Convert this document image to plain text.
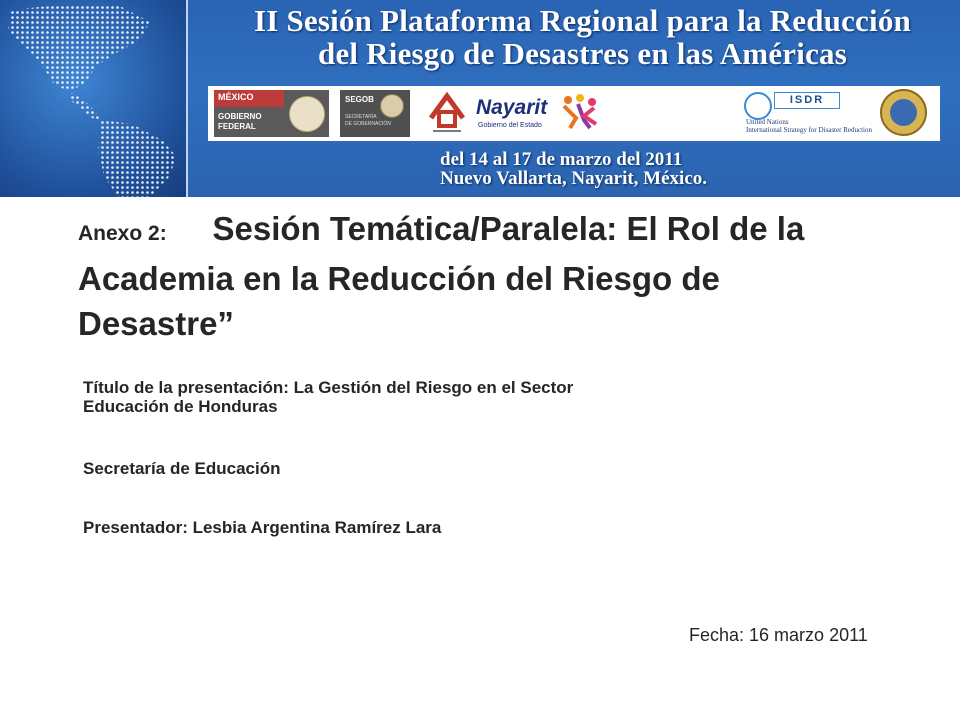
II Sesión Plataforma Regional para la Reducción
del Riesgo de Desastres en las Américas
MÉXICO
GOBIERNO
FEDERAL
SEGOB
SECRETARÍA
DE GOBERNACIÓN
Nayarit
Gobierno del Estado
ISDR
United Nations
International Strategy for Disaster Reduction
del 14 al 17 de marzo del 2011
Nuevo Vallarta, Nayarit, México.
Anexo 2: Sesión Temática/Paralela: El Rol de la Academia en la Reducción del Riesgo de Desastre”
Título de la presentación: La Gestión del Riesgo en el Sector
Educación de Honduras
Secretaría de Educación
Presentador: Lesbia Argentina Ramírez Lara
Fecha: 16 marzo 2011
